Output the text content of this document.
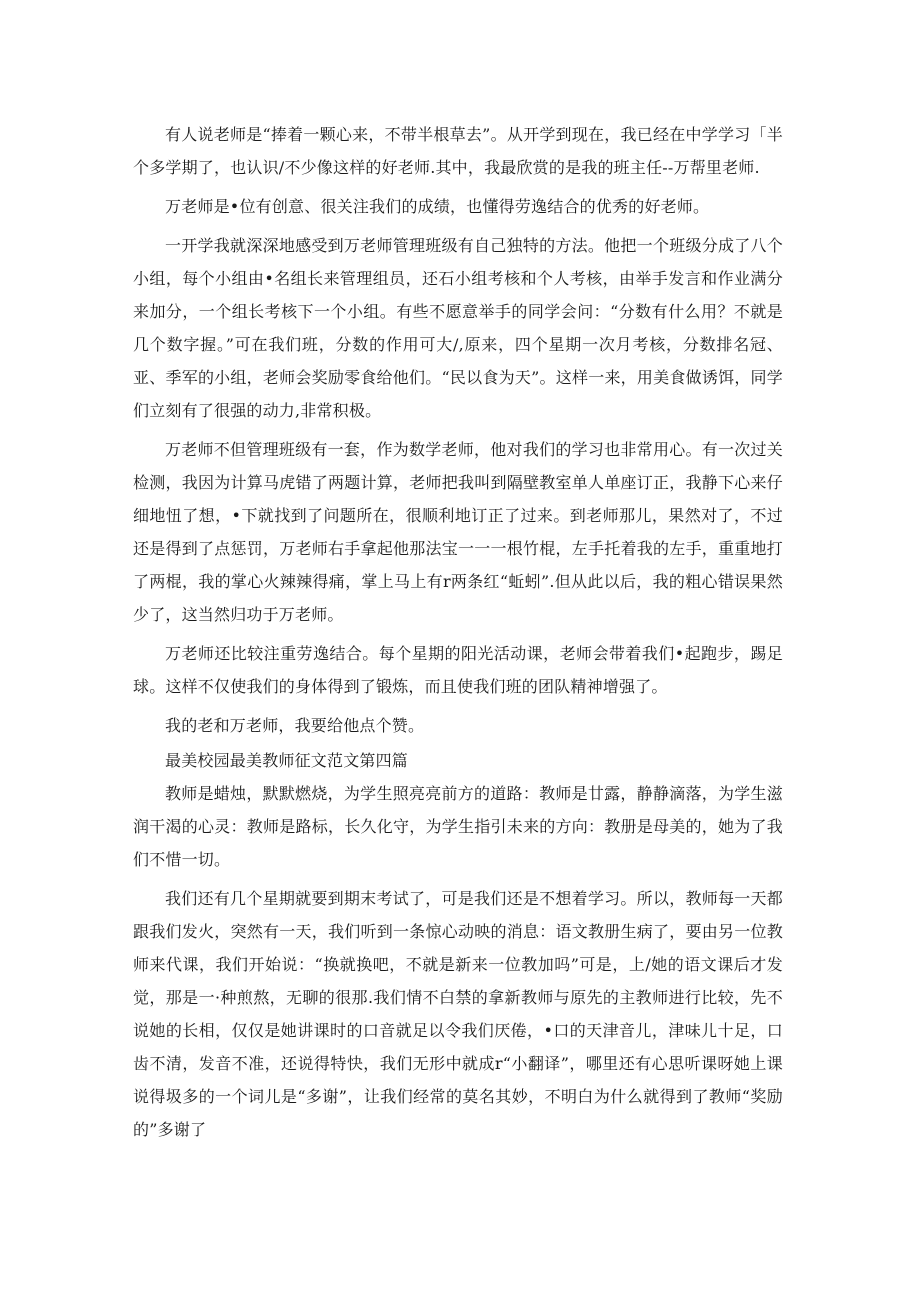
有人说老师是“捧着一颗心来，不带半根草去”。从开学到现在，我已经在中学学习「半个多学期了，也认识/不少像这样的好老师.其中，我最欣赏的是我的班主任--万帮里老师.

万老师是•位有创意、很关注我们的成绩，也懂得劳逸结合的优秀的好老师。

一开学我就深深地感受到万老师管理班级有自己独特的方法。他把一个班级分成了八个小组，每个小组由•名组长来管理组员，还石小组考核和个人考核，由举手发言和作业满分来加分，一个组长考核下一个小组。有些不愿意举手的同学会问：“分数有什么用？不就是几个数字握。”可在我们班，分数的作用可大/,原来，四个星期一次月考核，分数排名冠、亚、季军的小组，老师会奖励零食给他们。“民以食为天”。这样一来，用美食做诱饵，同学们立刻有了很强的动力,非常积极。

万老师不但管理班级有一套，作为数学老师，他对我们的学习也非常用心。有一次过关检测，我因为计算马虎错了两题计算，老师把我叫到隔壁教室单人单座订正，我静下心来仔细地忸了想，•下就找到了问题所在，很顺利地订正了过来。到老师那儿，果然对了，不过还是得到了点惩罚，万老师右手拿起他那法宝一一一根竹棍，左手托着我的左手，重重地打了两棍，我的掌心火辣辣得痛，掌上马上有r两条红“蚯蚓”.但从此以后，我的粗心错误果然少了，这当然归功于万老师。

万老师还比较注重劳逸结合。每个星期的阳光活动课，老师会带着我们•起跑步，踢足球。这样不仅使我们的身体得到了锻炼，而且使我们班的团队精神增强了。

我的老和万老师，我要给他点个赞。

最美校园最美教师征文范文第四篇

教师是蜡烛，默默燃烧，为学生照亮亮前方的道路：教师是廿露，静静滴落，为学生滋润干渴的心灵：教师是路标，长久化守，为学生指引未来的方向：教册是母美的，她为了我们不惜一切。

我们还有几个星期就要到期末考试了，可是我们还是不想着学习。所以，教师每一天都跟我们发火，突然有一天，我们听到一条惊心动映的消息：语文教册生病了，要由另一位教师来代课，我们开始说：“换就换吧，不就是新来一位教加吗”可是，上/她的语文课后才发觉，那是一·种煎熬，无聊的很那.我们情不白禁的拿新教师与原先的主教师进行比较，先不说她的长相，仅仅是她讲课时的口音就足以令我们厌倦，•口的天津音儿，津味儿十足，口齿不清，发音不准，还说得特快，我们无形中就成r“小翻译”，哪里还有心思听课呀她上课说得圾多的一个词儿是“多谢”，让我们经常的莫名其妙，不明白为什么就得到了教师“奖励的”多谢了
